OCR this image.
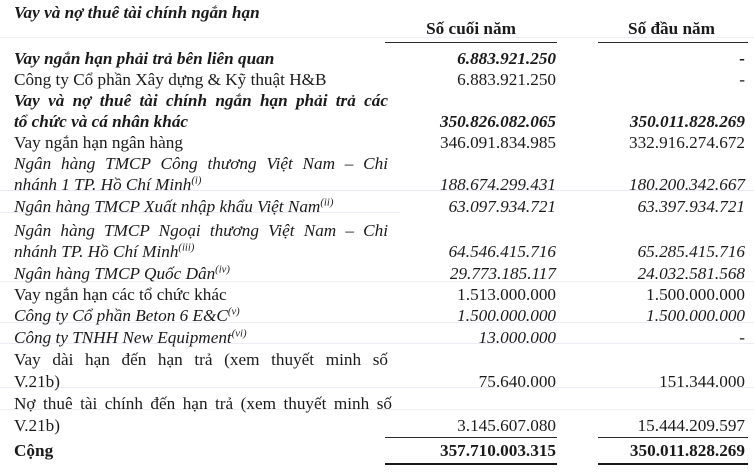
Vay và nợ thuê tài chính ngắn hạn
Số cuối năm	Số đầu năm
Vay ngắn hạn phải trả bên liên quan	6.883.921.250	-
Công ty Cổ phần Xây dựng & Kỹ thuật H&B	6.883.921.250	-
Vay và nợ thuê tài chính ngắn hạn phải trả các
tổ chức và cá nhân khác	350.826.082.065	350.011.828.269
Vay ngắn hạn ngân hàng	346.091.834.985	332.916.274.672
Ngân hàng TMCP Công thương Việt Nam – Chi
nhánh 1 TP. Hồ Chí Minh$^{(i)}$	188.674.299.431	180.200.342.667
Ngân hàng TMCP Xuất nhập khẩu Việt Nam$^{(ii)}$	63.097.934.721	63.397.934.721
Ngân hàng TMCP Ngoại thương Việt Nam – Chi
nhánh TP. Hồ Chí Minh$^{(iii)}$	64.546.415.716	65.285.415.716
Ngân hàng TMCP Quốc Dân$^{(iv)}$	29.773.185.117	24.032.581.568
Vay ngắn hạn các tổ chức khác	1.513.000.000	1.500.000.000
Công ty Cổ phần Beton 6 $E\&C^{(v)}$	1.500.000.000	1.500.000.000
Công ty TNHH New Equipment$^{(vi)}$	13.000.000	-
Vay dài hạn đến hạn trả (xem thuyết minh số
V.21b)	75.640.000	151.344.000
Nợ thuê tài chính đến hạn trả (xem thuyết minh số
V.21b)	3.145.607.080	15.444.209.597
Cộng	357.710.003.315	350.011.828.269
